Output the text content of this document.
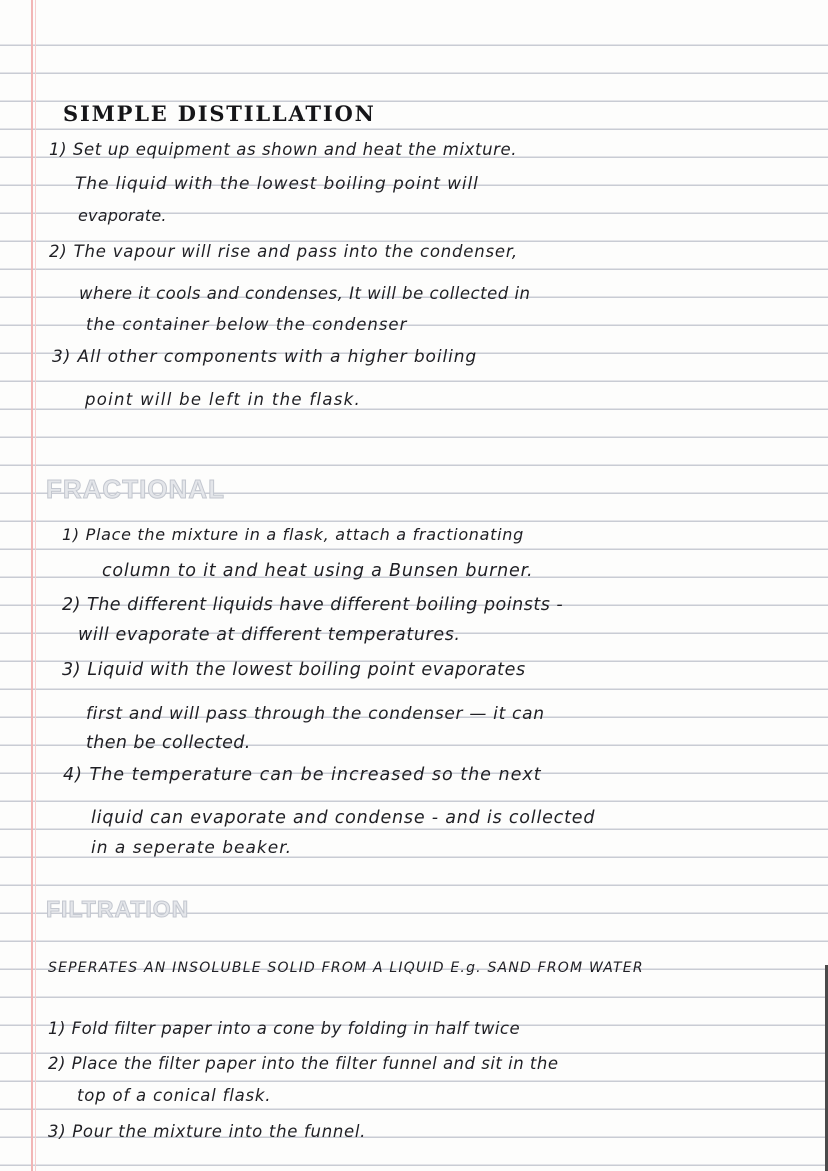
SIMPLE DISTILLATION
1) Set up equipment as shown and heat the mixture.
The liquid with the lowest boiling point will
evaporate.
2) The vapour will rise and pass into the condenser,
where it cools and condenses, It will be collected in
the container below the condenser
3) All other components with a higher boiling
point will be left in the flask.
FRACTIONAL
1) Place the mixture in a flask, attach a fractionating
column to it and heat using a Bunsen burner.
2) The different liquids have different boiling poinsts -
will evaporate at different temperatures.
3) Liquid with the lowest boiling point evaporates
first and will pass through the condenser — it can
then be collected.
4) The temperature can be increased so the next
liquid can evaporate and condense - and is collected
in a seperate beaker.
FILTRATION
SEPERATES AN INSOLUBLE SOLID FROM A LIQUID E.g. SAND FROM WATER
1) Fold filter paper into a cone by folding in half twice
2) Place the filter paper into the filter funnel and sit in the
top of a conical flask.
3) Pour the mixture into the funnel.
